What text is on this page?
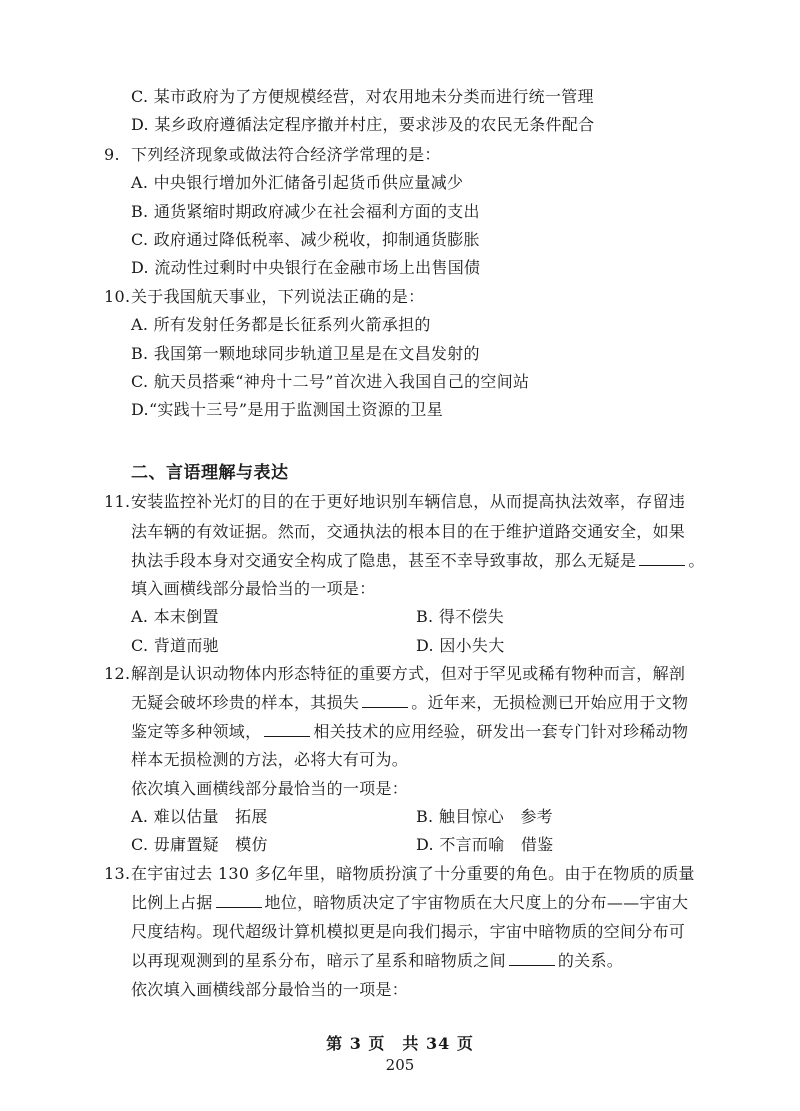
C. 某市政府为了方便规模经营，对农用地未分类而进行统一管理
D. 某乡政府遵循法定程序撤并村庄，要求涉及的农民无条件配合
9. 下列经济现象或做法符合经济学常理的是：
A. 中央银行增加外汇储备引起货币供应量减少
B. 通货紧缩时期政府减少在社会福利方面的支出
C. 政府通过降低税率、减少税收，抑制通货膨胀
D. 流动性过剩时中央银行在金融市场上出售国债
10. 关于我国航天事业，下列说法正确的是：
A. 所有发射任务都是长征系列火箭承担的
B. 我国第一颗地球同步轨道卫星是在文昌发射的
C. 航天员搭乘“神舟十二号”首次进入我国自己的空间站
D.“实践十三号”是用于监测国土资源的卫星
二、言语理解与表达
11. 安装监控补光灯的目的在于更好地识别车辆信息，从而提高执法效率，存留违
法车辆的有效证据。然而，交通执法的根本目的在于维护道路交通安全，如果
执法手段本身对交通安全构成了隐患，甚至不幸导致事故，那么无疑是	。
填入画横线部分最恰当的一项是：
A. 本末倒置	B. 得不偿失
C. 背道而驰	D. 因小失大
12. 解剖是认识动物体内形态特征的重要方式，但对于罕见或稀有物种而言，解剖
无疑会破坏珍贵的样本，其损失	。近年来，无损检测已开始应用于文物
鉴定等多种领域，	相关技术的应用经验，研发出一套专门针对珍稀动物
样本无损检测的方法，必将大有可为。
依次填入画横线部分最恰当的一项是：
A. 难以估量　拓展	B. 触目惊心　参考
C. 毋庸置疑　模仿	D. 不言而喻　借鉴
13. 在宇宙过去 130 多亿年里，暗物质扮演了十分重要的角色。由于在物质的质量
比例上占据	地位，暗物质决定了宇宙物质在大尺度上的分布——宇宙大
尺度结构。现代超级计算机模拟更是向我们揭示，宇宙中暗物质的空间分布可
以再现观测到的星系分布，暗示了星系和暗物质之间	的关系。
依次填入画横线部分最恰当的一项是：
第 3 页　共 34 页
205
